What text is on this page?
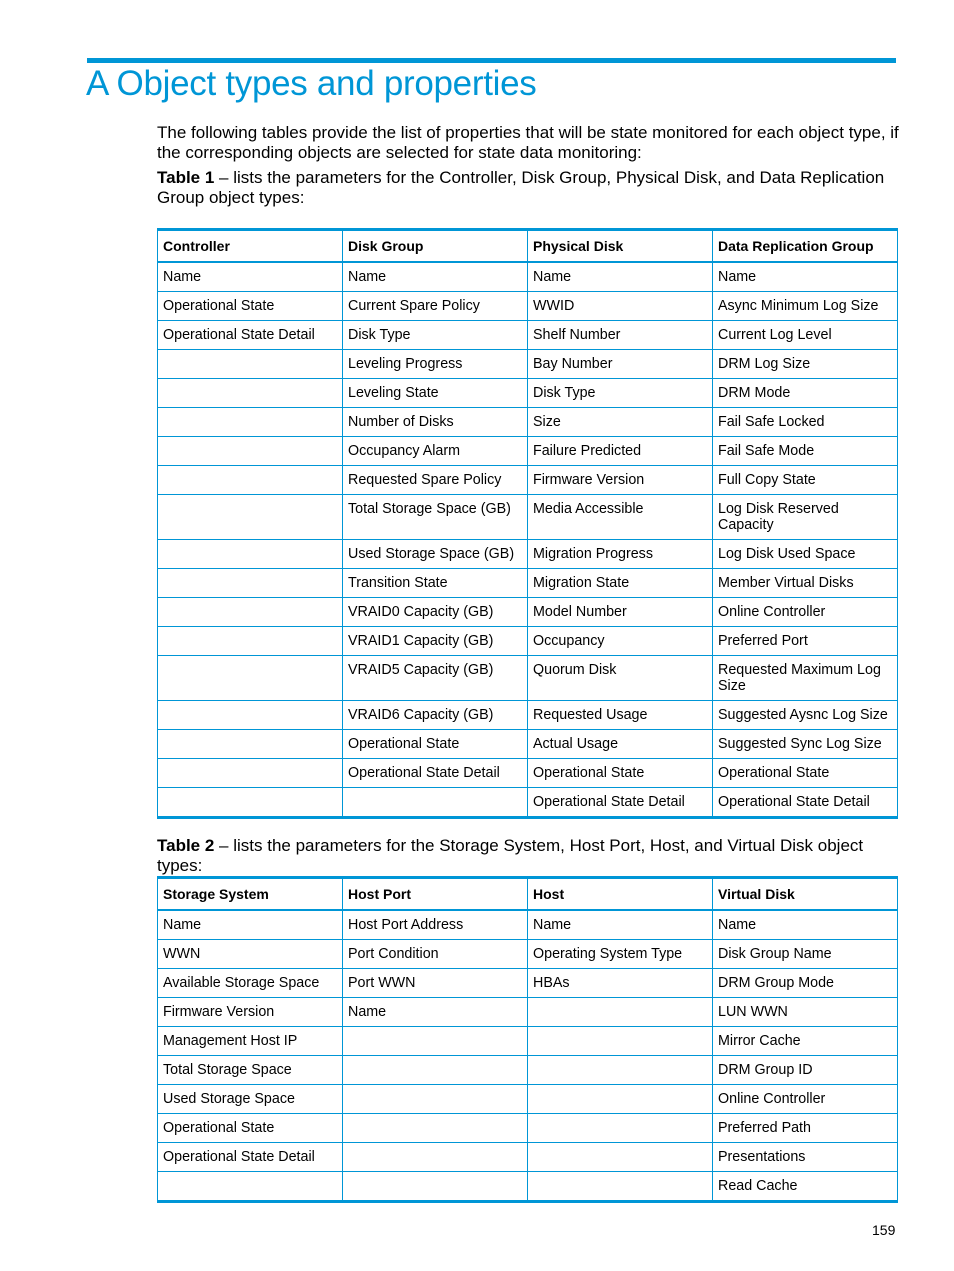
A Object types and properties

The following tables provide the list of properties that will be state monitored for each object type, if the corresponding objects are selected for state data monitoring:

Table 1 – lists the parameters for the Controller, Disk Group, Physical Disk, and Data Replication Group object types:

Controller	Disk Group	Physical Disk	Data Replication Group
Name	Name	Name	Name
Operational State	Current Spare Policy	WWID	Async Minimum Log Size
Operational State Detail	Disk Type	Shelf Number	Current Log Level
	Leveling Progress	Bay Number	DRM Log Size
	Leveling State	Disk Type	DRM Mode
	Number of Disks	Size	Fail Safe Locked
	Occupancy Alarm	Failure Predicted	Fail Safe Mode
	Requested Spare Policy	Firmware Version	Full Copy State
	Total Storage Space (GB)	Media Accessible	Log Disk Reserved Capacity
	Used Storage Space (GB)	Migration Progress	Log Disk Used Space
	Transition State	Migration State	Member Virtual Disks
	VRAID0 Capacity (GB)	Model Number	Online Controller
	VRAID1 Capacity (GB)	Occupancy	Preferred Port
	VRAID5 Capacity (GB)	Quorum Disk	Requested Maximum Log Size
	VRAID6 Capacity (GB)	Requested Usage	Suggested Aysnc Log Size
	Operational State	Actual Usage	Suggested Sync Log Size
	Operational State Detail	Operational State	Operational State
		Operational State Detail	Operational State Detail

Table 2 – lists the parameters for the Storage System, Host Port, Host, and Virtual Disk object types:

Storage System	Host Port	Host	Virtual Disk
Name	Host Port Address	Name	Name
WWN	Port Condition	Operating System Type	Disk Group Name
Available Storage Space	Port WWN	HBAs	DRM Group Mode
Firmware Version	Name		LUN WWN
Management Host IP			Mirror Cache
Total Storage Space			DRM Group ID
Used Storage Space			Online Controller
Operational State			Preferred Path
Operational State Detail			Presentations
			Read Cache
159
